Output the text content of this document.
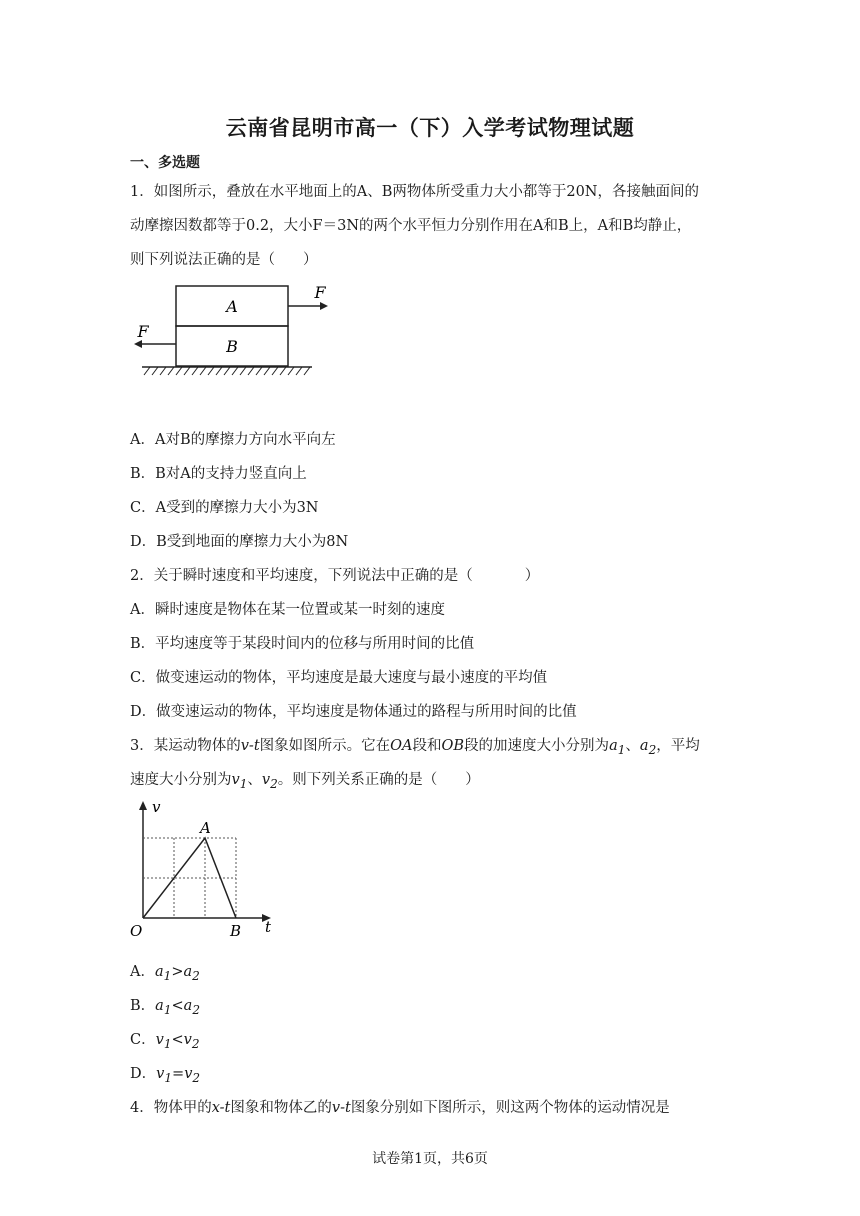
云南省昆明市高一（下）入学考试物理试题
一、多选题
1．如图所示，叠放在水平地面上的A、B两物体所受重力大小都等于20N，各接触面间的
动摩擦因数都等于0.2，大小F＝3N的两个水平恒力分别作用在A和B上，A和B均静止，
则下列说法正确的是（ ）
A
B
F
F
A．A对B的摩擦力方向水平向左
B．B对A的支持力竖直向上
C．A受到的摩擦力大小为3N
D．B受到地面的摩擦力大小为8N
2．关于瞬时速度和平均速度，下列说法中正确的是（	）
A．瞬时速度是物体在某一位置或某一时刻的速度
B．平均速度等于某段时间内的位移与所用时间的比值
C．做变速运动的物体，平均速度是最大速度与最小速度的平均值
D．做变速运动的物体，平均速度是物体通过的路程与所用时间的比值
3．某运动物体的v-t图象如图所示。它在OA段和OB段的加速度大小分别为$a_1$、$a_2$，平均
速度大小分别为$v_1$、$v_2$。则下列关系正确的是（ ）
v
t
O
A
B
A．$a_1>a_2$
B．$a_1<a_2$
C．$v_1<v_2$
D．$v_1=v_2$
4．物体甲的x-t图象和物体乙的v-t图象分别如下图所示，则这两个物体的运动情况是
试卷第1页，共6页
